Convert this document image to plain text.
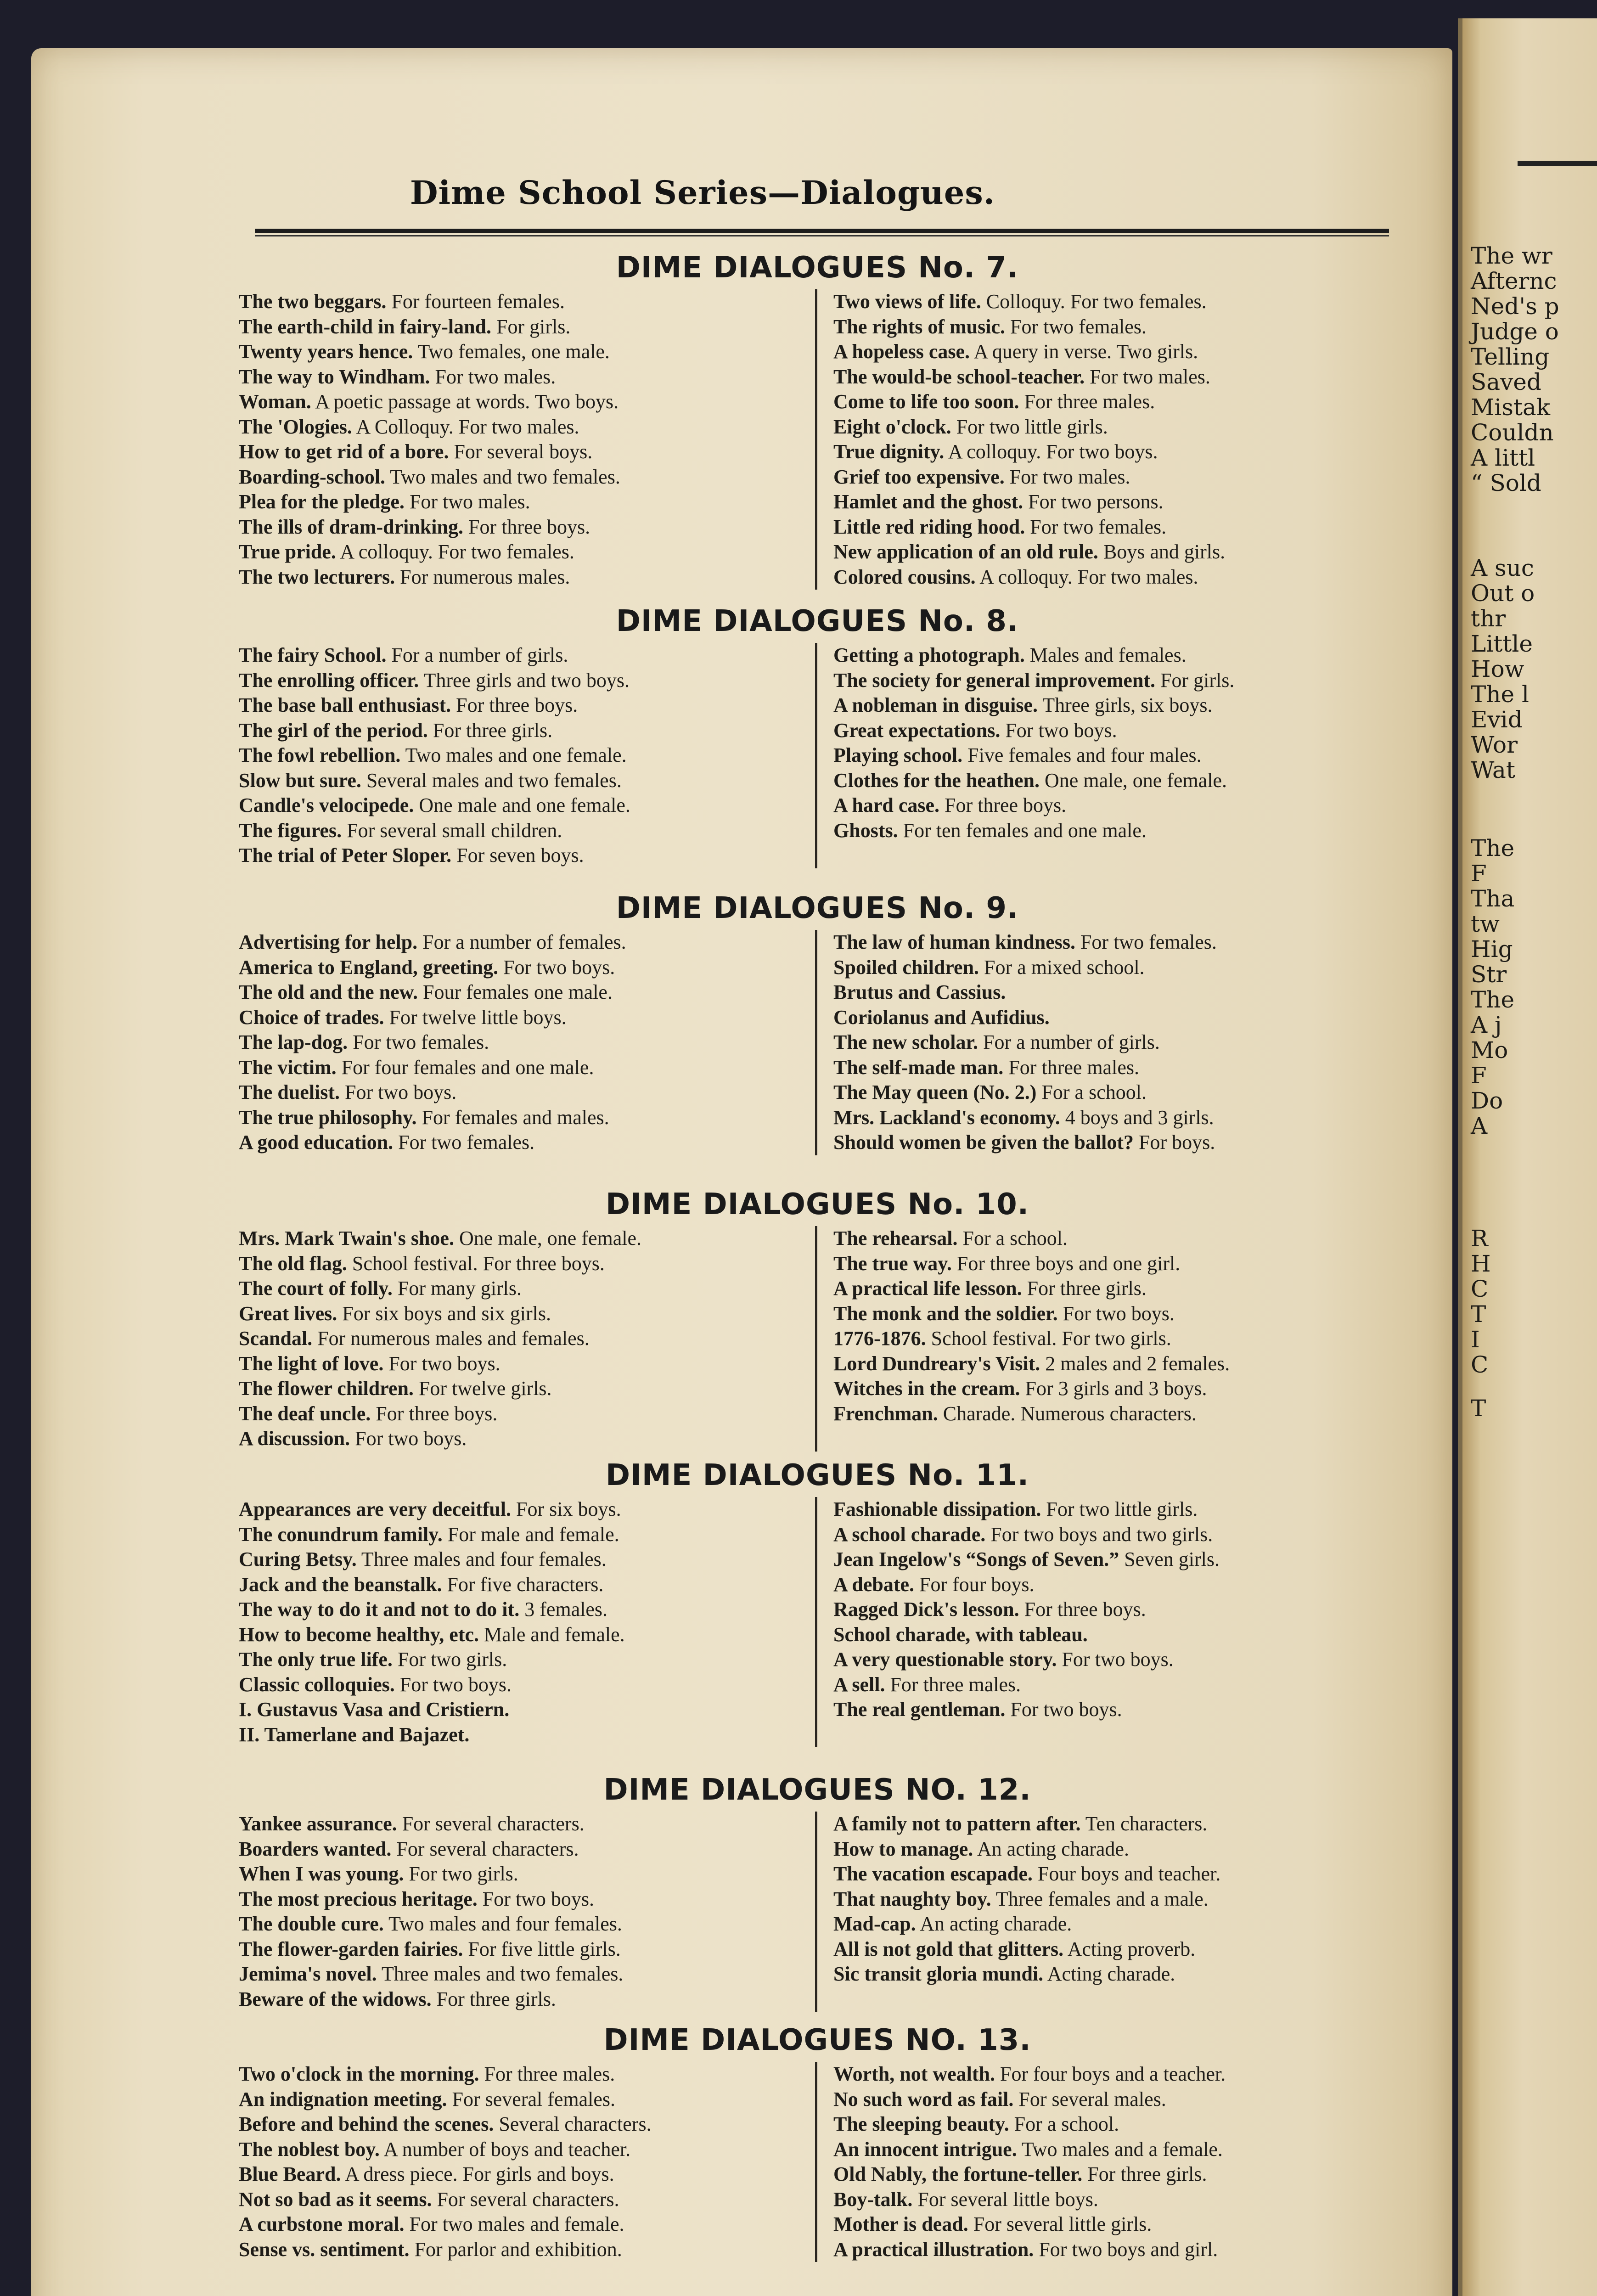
The wr
Afternc
Ned's p
Judge o
Telling
Saved
Mistak
Couldn
A littl
“ Sold
A suc
Out o
thr
Little
How
The l
Evid
Wor
Wat
The
F
Tha
tw
Hig
Str
The
A j
Mo
F
Do
A
R
H
C
T
I
C
T
Dime School Series—Dialogues.
DIME DIALOGUES No. 7.
The two beggars. For fourteen females.
The earth-child in fairy-land. For girls.
Twenty years hence. Two females, one male.
The way to Windham. For two males.
Woman. A poetic passage at words. Two boys.
The 'Ologies. A Colloquy. For two males.
How to get rid of a bore. For several boys.
Boarding-school. Two males and two females.
Plea for the pledge. For two males.
The ills of dram-drinking. For three boys.
True pride. A colloquy. For two females.
The two lecturers. For numerous males.
Two views of life. Colloquy. For two females.
The rights of music. For two females.
A hopeless case. A query in verse. Two girls.
The would-be school-teacher. For two males.
Come to life too soon. For three males.
Eight o'clock. For two little girls.
True dignity. A colloquy. For two boys.
Grief too expensive. For two males.
Hamlet and the ghost. For two persons.
Little red riding hood. For two females.
New application of an old rule. Boys and girls.
Colored cousins. A colloquy. For two males.
DIME DIALOGUES No. 8.
The fairy School. For a number of girls.
The enrolling officer. Three girls and two boys.
The base ball enthusiast. For three boys.
The girl of the period. For three girls.
The fowl rebellion. Two males and one female.
Slow but sure. Several males and two females.
Candle's velocipede. One male and one female.
The figures. For several small children.
The trial of Peter Sloper. For seven boys.
Getting a photograph. Males and females.
The society for general improvement. For girls.
A nobleman in disguise. Three girls, six boys.
Great expectations. For two boys.
Playing school. Five females and four males.
Clothes for the heathen. One male, one female.
A hard case. For three boys.
Ghosts. For ten females and one male.
DIME DIALOGUES No. 9.
Advertising for help. For a number of females.
America to England, greeting. For two boys.
The old and the new. Four females one male.
Choice of trades. For twelve little boys.
The lap-dog. For two females.
The victim. For four females and one male.
The duelist. For two boys.
The true philosophy. For females and males.
A good education. For two females.
The law of human kindness. For two females.
Spoiled children. For a mixed school.
Brutus and Cassius.
Coriolanus and Aufidius.
The new scholar. For a number of girls.
The self-made man. For three males.
The May queen (No. 2.) For a school.
Mrs. Lackland's economy. 4 boys and 3 girls.
Should women be given the ballot? For boys.
DIME DIALOGUES No. 10.
Mrs. Mark Twain's shoe. One male, one female.
The old flag. School festival. For three boys.
The court of folly. For many girls.
Great lives. For six boys and six girls.
Scandal. For numerous males and females.
The light of love. For two boys.
The flower children. For twelve girls.
The deaf uncle. For three boys.
A discussion. For two boys.
The rehearsal. For a school.
The true way. For three boys and one girl.
A practical life lesson. For three girls.
The monk and the soldier. For two boys.
1776-1876. School festival. For two girls.
Lord Dundreary's Visit. 2 males and 2 females.
Witches in the cream. For 3 girls and 3 boys.
Frenchman. Charade. Numerous characters.
DIME DIALOGUES No. 11.
Appearances are very deceitful. For six boys.
The conundrum family. For male and female.
Curing Betsy. Three males and four females.
Jack and the beanstalk. For five characters.
The way to do it and not to do it. 3 females.
How to become healthy, etc. Male and female.
The only true life. For two girls.
Classic colloquies. For two boys.
I. Gustavus Vasa and Cristiern.
II. Tamerlane and Bajazet.
Fashionable dissipation. For two little girls.
A school charade. For two boys and two girls.
Jean Ingelow's “Songs of Seven.” Seven girls.
A debate. For four boys.
Ragged Dick's lesson. For three boys.
School charade, with tableau.
A very questionable story. For two boys.
A sell. For three males.
The real gentleman. For two boys.
DIME DIALOGUES NO. 12.
Yankee assurance. For several characters.
Boarders wanted. For several characters.
When I was young. For two girls.
The most precious heritage. For two boys.
The double cure. Two males and four females.
The flower-garden fairies. For five little girls.
Jemima's novel. Three males and two females.
Beware of the widows. For three girls.
A family not to pattern after. Ten characters.
How to manage. An acting charade.
The vacation escapade. Four boys and teacher.
That naughty boy. Three females and a male.
Mad-cap. An acting charade.
All is not gold that glitters. Acting proverb.
Sic transit gloria mundi. Acting charade.
DIME DIALOGUES NO. 13.
Two o'clock in the morning. For three males.
An indignation meeting. For several females.
Before and behind the scenes. Several characters.
The noblest boy. A number of boys and teacher.
Blue Beard. A dress piece. For girls and boys.
Not so bad as it seems. For several characters.
A curbstone moral. For two males and female.
Sense vs. sentiment. For parlor and exhibition.
Worth, not wealth. For four boys and a teacher.
No such word as fail. For several males.
The sleeping beauty. For a school.
An innocent intrigue. Two males and a female.
Old Nably, the fortune-teller. For three girls.
Boy-talk. For several little boys.
Mother is dead. For several little girls.
A practical illustration. For two boys and girl.
